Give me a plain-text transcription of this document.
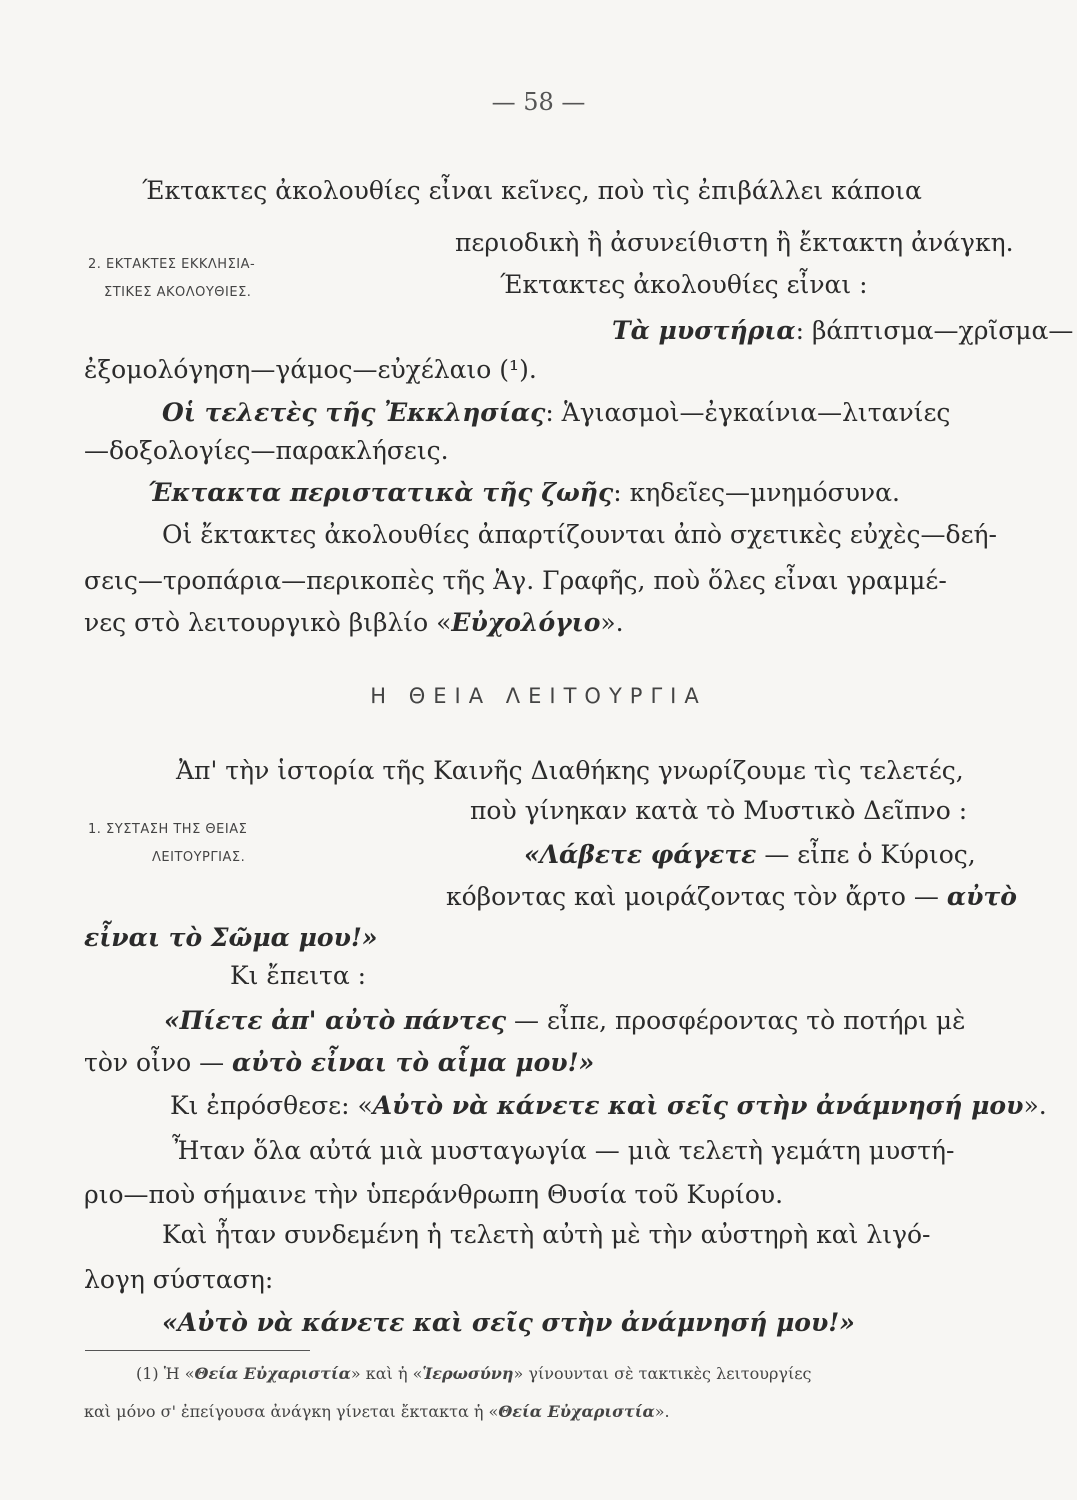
— 58 —
Έκτακτες ἀκολουθίες εἶναι κεῖνες, ποὺ τὶς ἐπιβάλλει κάποια
περιοδικὴ ἢ ἀσυνείθιστη ἢ ἔκτακτη ἀνάγκη.
2. ΕΚΤΑΚΤΕΣ ΕΚΚΛΗΣΙΑ-
ΣΤΙΚΕΣ ΑΚΟΛΟΥΘΙΕΣ.	Έκτακτες ἀκολουθίες εἶναι :
Τὰ μυστήρια: βάπτισμα—χρῖσμα—
ἐξομολόγηση—γάμος—εὐχέλαιο (¹).
Οἱ τελετὲς τῆς Ἐκκλησίας: Ἁγιασμοὶ—ἐγκαίνια—λιτανίες
—δοξολογίες—παρακλήσεις.
Έκτακτα περιστατικὰ τῆς ζωῆς: κηδεῖες—μνημόσυνα.
Οἱ ἔκτακτες ἀκολουθίες ἀπαρτίζουνται ἀπὸ σχετικὲς εὐχὲς—δεή-
σεις—τροπάρια—περικοπὲς τῆς Ἁγ. Γραφῆς, ποὺ ὅλες εἶναι γραμμέ-
νες στὸ λειτουργικὸ βιβλίο «Εὐχολόγιο».
Η ΘΕΙΑ ΛΕΙΤΟΥΡΓΙΑ
Ἀπ' τὴν ἱστορία τῆς Καινῆς Διαθήκης γνωρίζουμε τὶς τελετές,
ποὺ γίνηκαν κατὰ τὸ Μυστικὸ Δεῖπνο :
1. ΣΥΣΤΑΣΗ ΤΗΣ ΘΕΙΑΣ
ΛΕΙΤΟΥΡΓΙΑΣ.	«Λάβετε φάγετε — εἶπε ὁ Κύριος,
κόβοντας καὶ μοιράζοντας τὸν ἄρτο — αὐτὸ
εἶναι τὸ Σῶμα μου!»
Κι ἔπειτα :
«Πίετε ἀπ' αὐτὸ πάντες — εἶπε, προσφέροντας τὸ ποτήρι μὲ
τὸν οἶνο — αὐτὸ εἶναι τὸ αἷμα μου!»
Κι ἐπρόσθεσε: «Αὐτὸ νὰ κάνετε καὶ σεῖς στὴν ἀνάμνησή μου».
Ἦταν ὅλα αὐτά μιὰ μυσταγωγία — μιὰ τελετὴ γεμάτη μυστή-
ριο—ποὺ σήμαινε τὴν ὑπεράνθρωπη Θυσία τοῦ Κυρίου.
Καὶ ἦταν συνδεμένη ἡ τελετὴ αὐτὴ μὲ τὴν αὐστηρὴ καὶ λιγό-
λογη σύσταση:
«Αὐτὸ νὰ κάνετε καὶ σεῖς στὴν ἀνάμνησή μου!»
(1) Ἡ «Θεία Εὐχαριστία» καὶ ἡ «Ἱερωσύνη» γίνουνται σὲ τακτικὲς λειτουργίες
καὶ μόνο σ' ἐπείγουσα ἀνάγκη γίνεται ἔκτακτα ἡ «Θεία Εὐχαριστία».
